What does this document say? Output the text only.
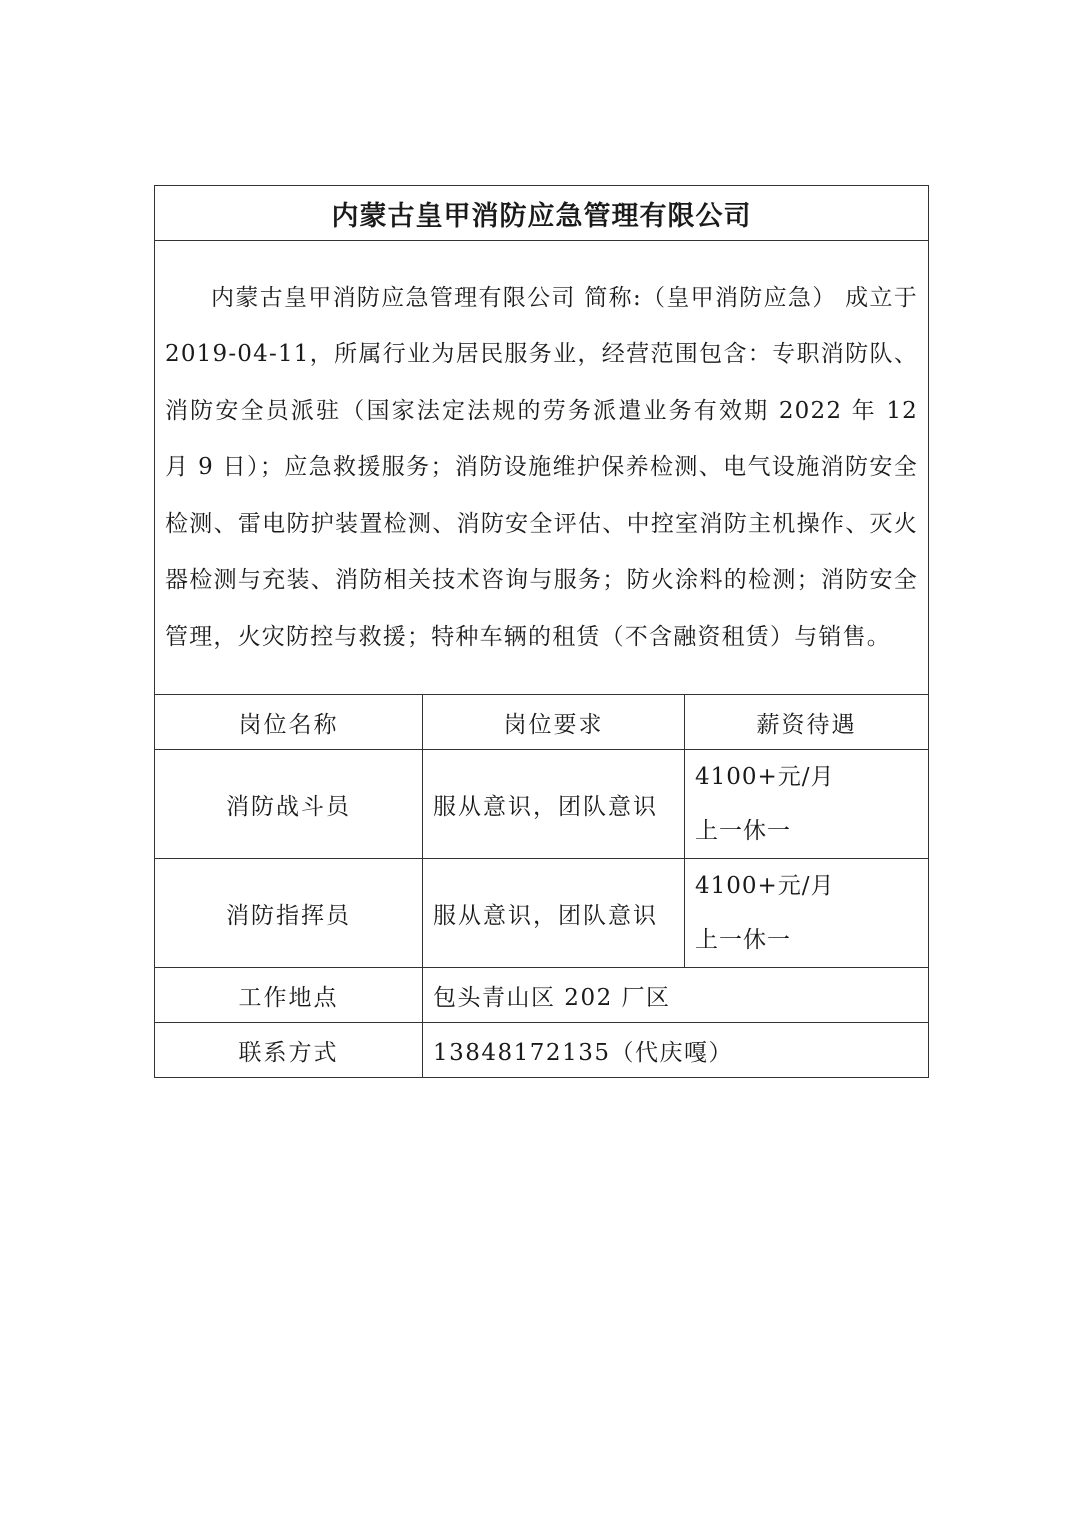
内蒙古皇甲消防应急管理有限公司		
内蒙古皇甲消防应急管理有限公司 简称:（皇甲消防应急） 成立于 2019-04-11，所属行业为居民服务业，经营范围包含：专职消防队、消防安全员派驻（国家法定法规的劳务派遣业务有效期 2022 年 12 月 9 日）；应急救援服务；消防设施维护保养检测、电气设施消防安全检测、雷电防护装置检测、消防安全评估、中控室消防主机操作、灭火器检测与充装、消防相关技术咨询与服务；防火涂料的检测；消防安全管理，火灾防控与救援；特种车辆的租赁（不含融资租赁）与销售。		
岗位名称	岗位要求	薪资待遇
消防战斗员	服从意识，团队意识	4100+元/月
上一休一

消防指挥员	服从意识，团队意识	4100+元/月
上一休一

工作地点	包头青山区 202 厂区	
联系方式	13848172135（代庆嘎）	
